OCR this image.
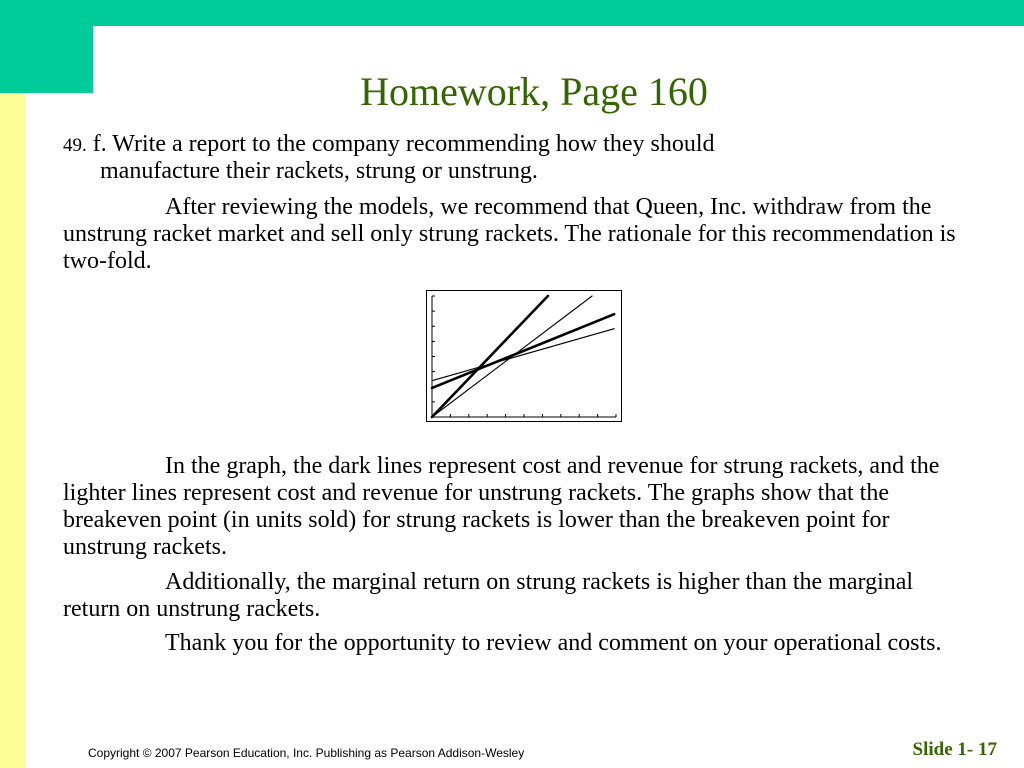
Homework, Page 160
49. f. Write a report to the company recommending how they should
manufacture their rackets, strung or unstrung.
After reviewing the models, we recommend that Queen, Inc. withdraw from the unstrung racket market and sell only strung rackets. The rationale for this recommendation is two-fold.
In the graph, the dark lines represent cost and revenue for strung rackets, and the lighter lines represent cost and revenue for unstrung rackets. The graphs show that the breakeven point (in units sold) for strung rackets is lower than the breakeven point for unstrung rackets.
Additionally, the marginal return on strung rackets is higher than the marginal return on unstrung rackets.
Thank you for the opportunity to review and comment on your operational costs.
Copyright © 2007 Pearson Education, Inc. Publishing as Pearson Addison-Wesley	Slide 1- 17
